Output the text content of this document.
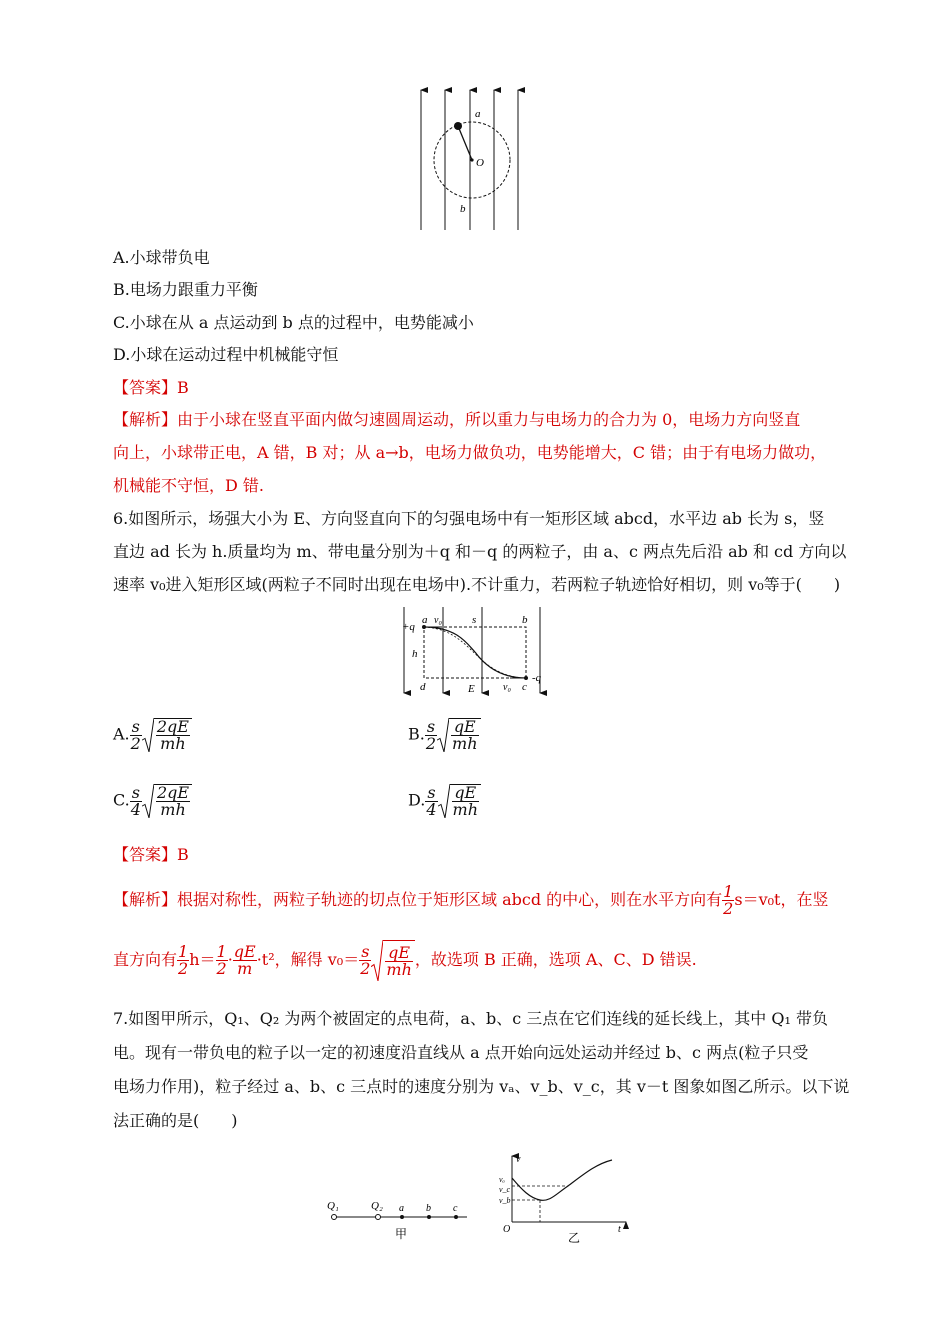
a
O
b
A.小球带负电
B.电场力跟重力平衡
C.小球在从 a 点运动到 b 点的过程中，电势能减小
D.小球在运动过程中机械能守恒
【答案】B
【解析】由于小球在竖直平面内做匀速圆周运动，所以重力与电场力的合力为 0，电场力方向竖直
向上，小球带正电，A 错，B 对；从 a→b，电场力做负功，电势能增大，C 错；由于有电场力做功，
机械能不守恒，D 错.
6.如图所示，场强大小为 E、方向竖直向下的匀强电场中有一矩形区域 abcd，水平边 ab 长为 s，竖
直边 ad 长为 h.质量均为 m、带电量分别为＋q 和－q 的两粒子，由 a、c 两点先后沿 ab 和 cd 方向以
速率 v₀进入矩形区域(两粒子不同时出现在电场中).不计重力，若两粒子轨迹恰好相切，则 v₀等于(　　)
+q
a v₀	s	b
h
d	E	v₀ c
-q
A. $\frac{s}{2} \frac{2qE}{mh}$	B. $\frac{s}{2} \frac{qE}{mh}$
C. $\frac{s}{4} \frac{2qE}{mh}$	D. $\frac{s}{4} \frac{qE}{mh}$
【答案】B
【解析】根据对称性，两粒子轨迹的切点位于矩形区域 abcd 的中心，则在水平方向有 $\frac{1}{2} s=v_0t$，在竖
直方向有 $\frac{1}{2} h= \frac{1}{2} \cdot \frac{qE}{m} \cdot t^2$，解得 $v_0= \frac{s}{2} \frac{qE}{mh}$ ，故选项 B 正确，选项 A、C、D 错误.
7.如图甲所示，Q₁、Q₂ 为两个被固定的点电荷，a、b、c 三点在它们连线的延长线上，其中 Q₁ 带负
电。现有一带负电的粒子以一定的初速度沿直线从 a 点开始向远处运动并经过 b、c 两点(粒子只受
电场力作用)，粒子经过 a、b、c 三点时的速度分别为 vₐ、v_b、v_c，其 v－t 图象如图乙所示。以下说
法正确的是(　　)
Q₁	Q₂ a b c
甲
v
vₐ
v_c
v_b
O	t
乙
